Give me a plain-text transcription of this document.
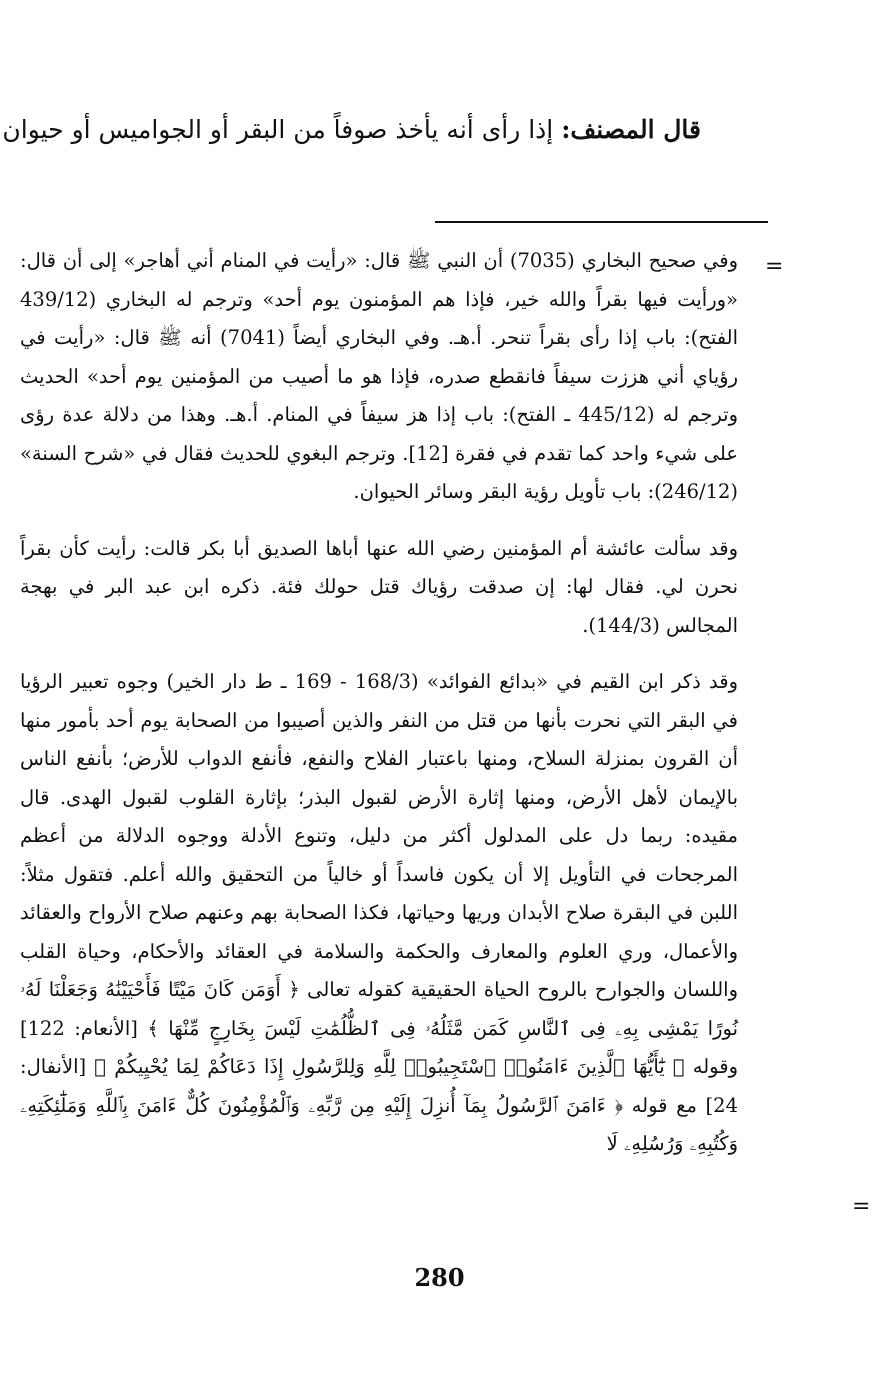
قال المصنف: إذا رأى أنه يأخذ صوفاً من البقر أو الجواميس أو حيوان
=

وفي صحيح البخاري (7035) أن النبي ﷺ قال: «رأيت في المنام أني أهاجر» إلى أن قال: «ورأيت فيها بقراً والله خير، فإذا هم المؤمنون يوم أحد» وترجم له البخاري (439/12 الفتح): باب إذا رأى بقراً تنحر. أ.هـ. وفي البخاري أيضاً (7041) أنه ﷺ قال: «رأيت في رؤياي أني هززت سيفاً فانقطع صدره، فإذا هو ما أصيب من المؤمنين يوم أحد» الحديث وترجم له (445/12 ـ الفتح): باب إذا هز سيفاً في المنام. أ.هـ. وهذا من دلالة عدة رؤى على شيء واحد كما تقدم في فقرة [12]. وترجم البغوي للحديث فقال في «شرح السنة» (246/12): باب تأويل رؤية البقر وسائر الحيوان.

وقد سألت عائشة أم المؤمنين رضي الله عنها أباها الصديق أبا بكر قالت: رأيت كأن بقراً نحرن لي. فقال لها: إن صدقت رؤياك قتل حولك فئة. ذكره ابن عبد البر في بهجة المجالس (144/3).

وقد ذكر ابن القيم في «بدائع الفوائد» (168/3 - 169 ـ ط دار الخير) وجوه تعبير الرؤيا في البقر التي نحرت بأنها من قتل من النفر والذين أصيبوا من الصحابة يوم أحد بأمور منها أن القرون بمنزلة السلاح، ومنها باعتبار الفلاح والنفع، فأنفع الدواب للأرض؛ بأنفع الناس بالإيمان لأهل الأرض، ومنها إثارة الأرض لقبول البذر؛ بإثارة القلوب لقبول الهدى. قال مقيده: ربما دل على المدلول أكثر من دليل، وتنوع الأدلة ووجوه الدلالة من أعظم المرجحات في التأويل إلا أن يكون فاسداً أو خالياً من التحقيق والله أعلم. فتقول مثلاً: اللبن في البقرة صلاح الأبدان وريها وحياتها، فكذا الصحابة بهم وعنهم صلاح الأرواح والعقائد والأعمال، وري العلوم والمعارف والحكمة والسلامة في العقائد والأحكام، وحياة القلب واللسان والجوارح بالروح الحياة الحقيقية كقوله تعالى ﴿ أَوَمَن كَانَ مَيْتًا فَأَحْيَيْنَٰهُ وَجَعَلْنَا لَهُۥ نُورًا يَمْشِى بِهِۦ فِى ٱلنَّاسِ كَمَن مَّثَلُهُۥ فِى ٱلظُّلُمَٰتِ لَيْسَ بِخَارِجٍ مِّنْهَا ﴾ [الأنعام: 122] وقوله ﴿ يَٰٓأَيُّهَا ٱلَّذِينَ ءَامَنُوا۟ ٱسْتَجِيبُوا۟ لِلَّهِ وَلِلرَّسُولِ إِذَا دَعَاكُمْ لِمَا يُحْيِيكُمْ ﴾ [الأنفال: 24] مع قوله ﴿ ءَامَنَ ٱلرَّسُولُ بِمَآ أُنزِلَ إِلَيْهِ مِن رَّبِّهِۦ وَٱلْمُؤْمِنُونَ كُلٌّ ءَامَنَ بِٱللَّهِ وَمَلَٰٓئِكَتِهِۦ وَكُتُبِهِۦ وَرُسُلِهِۦ لَا

=
280
